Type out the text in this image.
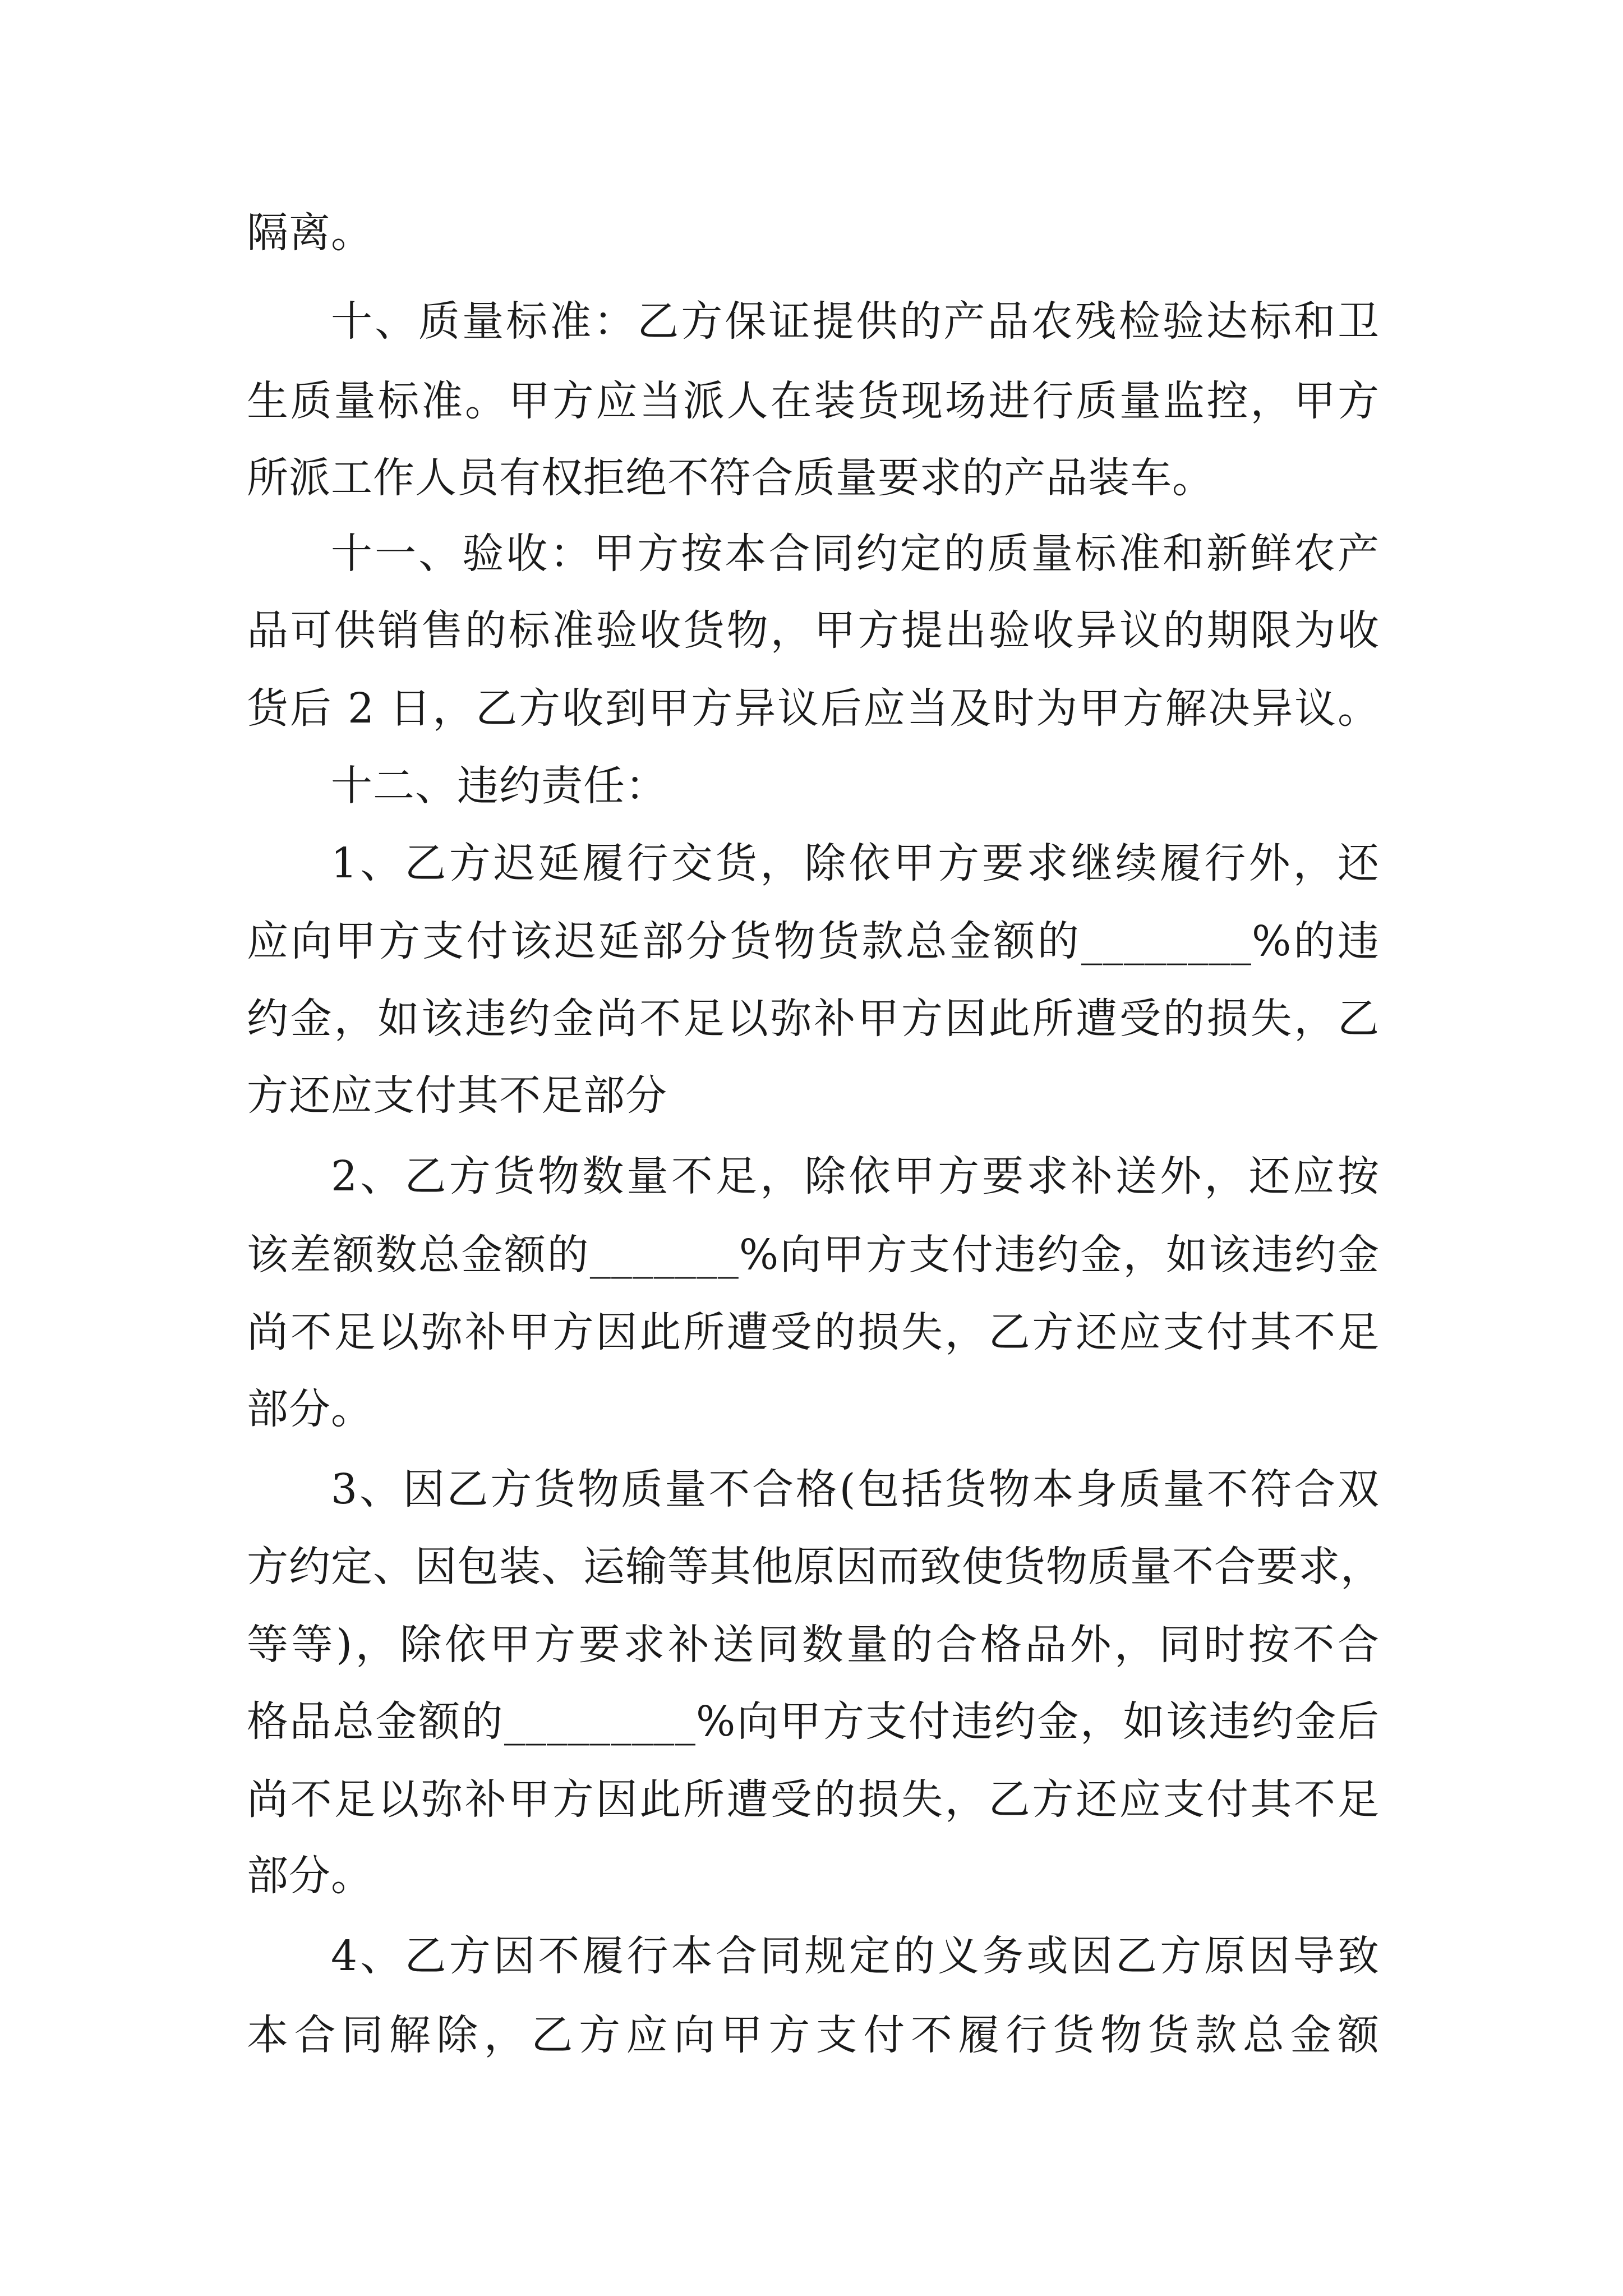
隔离。
十、质量标准：乙方保证提供的产品农残检验达标和卫
生质量标准。甲方应当派人在装货现场进行质量监控，甲方
所派工作人员有权拒绝不符合质量要求的产品装车。
十一、验收：甲方按本合同约定的质量标准和新鲜农产
品可供销售的标准验收货物，甲方提出验收异议的期限为收
货后 2 日，乙方收到甲方异议后应当及时为甲方解决异议。
十二、违约责任：
1、乙方迟延履行交货，除依甲方要求继续履行外，还
应向甲方支付该迟延部分货物货款总金额的________%的违
约金，如该违约金尚不足以弥补甲方因此所遭受的损失，乙
方还应支付其不足部分
2、乙方货物数量不足，除依甲方要求补送外，还应按
该差额数总金额的_______%向甲方支付违约金，如该违约金
尚不足以弥补甲方因此所遭受的损失，乙方还应支付其不足
部分。
3、因乙方货物质量不合格(包括货物本身质量不符合双
方约定、因包装、运输等其他原因而致使货物质量不合要求，
等等)，除依甲方要求补送同数量的合格品外，同时按不合
格品总金额的_________%向甲方支付违约金，如该违约金后
尚不足以弥补甲方因此所遭受的损失，乙方还应支付其不足
部分。
4、乙方因不履行本合同规定的义务或因乙方原因导致
本合同解除，乙方应向甲方支付不履行货物货款总金额
